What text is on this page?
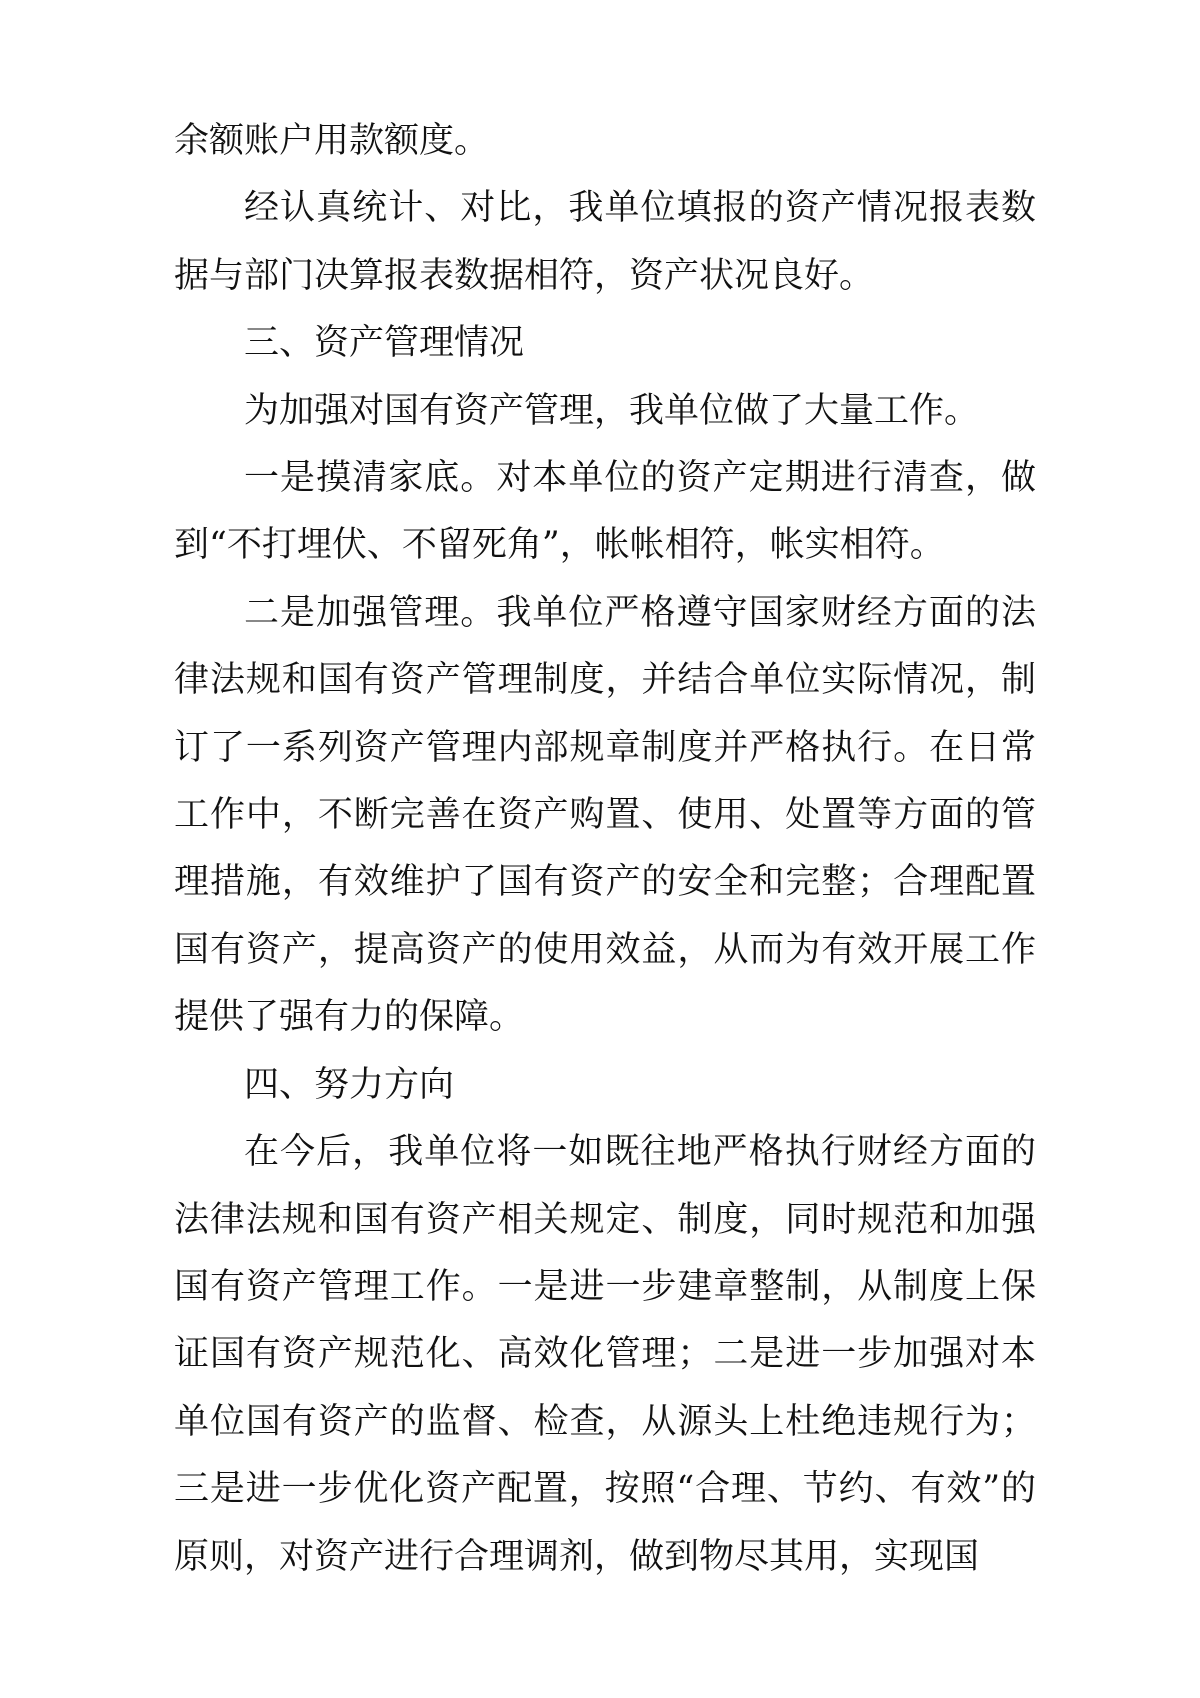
余额账户用款额度。

经认真统计、对比，我单位填报的资产情况报表数据与部门决算报表数据相符，资产状况良好。

三、资产管理情况

为加强对国有资产管理，我单位做了大量工作。

一是摸清家底。对本单位的资产定期进行清查，做到“不打埋伏、不留死角”，帐帐相符，帐实相符。

二是加强管理。我单位严格遵守国家财经方面的法律法规和国有资产管理制度，并结合单位实际情况，制订了一系列资产管理内部规章制度并严格执行。在日常工作中，不断完善在资产购置、使用、处置等方面的管理措施，有效维护了国有资产的安全和完整；合理配置国有资产，提高资产的使用效益，从而为有效开展工作提供了强有力的保障。

四、努力方向

在今后，我单位将一如既往地严格执行财经方面的法律法规和国有资产相关规定、制度，同时规范和加强国有资产管理工作。一是进一步建章整制，从制度上保证国有资产规范化、高效化管理；二是进一步加强对本单位国有资产的监督、检查，从源头上杜绝违规行为；三是进一步优化资产配置，按照“合理、节约、有效”的原则，对资产进行合理调剂，做到物尽其用，实现国
